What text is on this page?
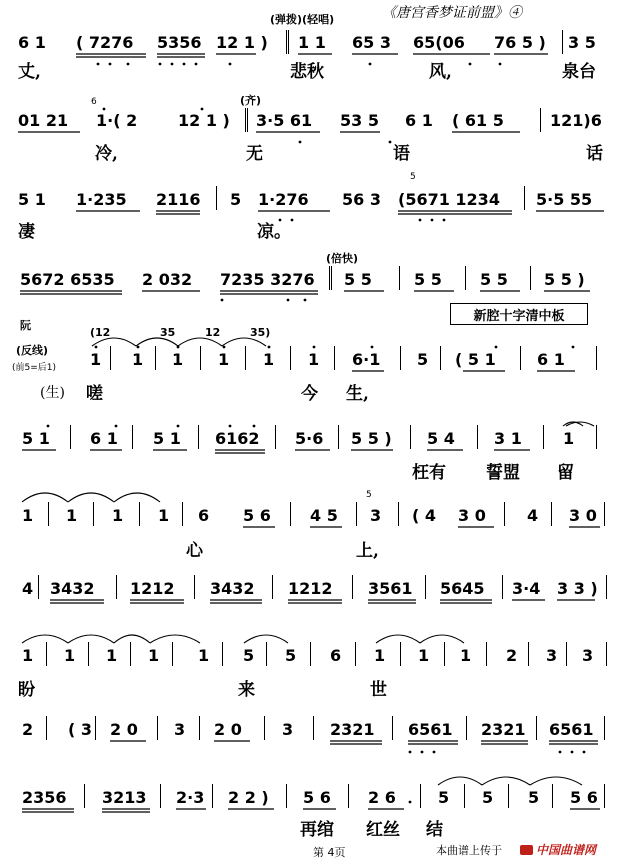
《唐宫香梦证前盟》④
(弹拨)(轻唱)
6 1 ( 7276 5356 12 1 ) 1 1 65 3 65(06 76 5 ) 3 5
丈,	悲秋	风,	泉台
6	(齐)
01 21 1·( 2	12 1 ) 3·5 61 53 5 6 1 ( 61 5	121)6
冷,	无	语	话
5
5 1 1·235 2116 5 1·276 56 3 (5671 1234 5·5 55
凄	凉。
(倍快)
5672 6535 2 032 7235 3276 5 5	5 5 5 5 5 5 )
新腔十字清中板
阮
(反线)
(前5=后1)
(12	35	12	35)
1 1 1 1 1 1 6·1 5 ( 5 1	6 1
(生) 嗟	今 生,
5 1	6 1 5 1 6162 5·6 5 5 ) 5 4 3 1	1
枉有 誓盟 留
5
1 1 1 1 6 5 6 4 5 3 ( 4 3 0	4 3 0
心	上,
4 3432 1212 3432 1212 3561 5645 3·4 3 3 )
1 1 1 1 1 5 5 6 1 1 1 2 3 3
盼	来	世
2 ( 3 2 0 3 2 0	3 2321 6561 2321 6561
2356 3213 2·3 2 2 ) 5 6 2 6	5 5 5 5 6
再绾 红丝 结
第 4页	本曲谱上传于	中国曲谱网
